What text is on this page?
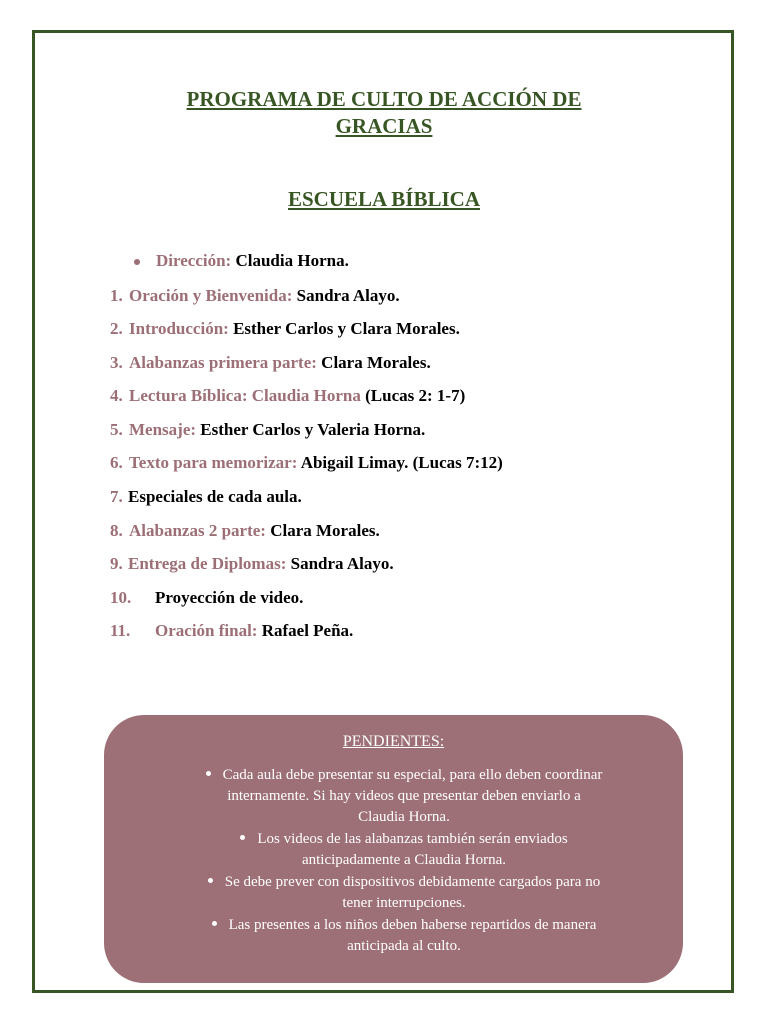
PROGRAMA DE CULTO DE ACCIÓN DE
GRACIAS
ESCUELA BÍBLICA
Dirección: Claudia Horna.
1. Oración y Bienvenida: Sandra Alayo.
2. Introducción: Esther Carlos y Clara Morales.
3. Alabanzas primera parte: Clara Morales.
4. Lectura Bíblica: Claudia Horna (Lucas 2: 1-7)
5. Mensaje: Esther Carlos y Valeria Horna.
6. Texto para memorizar: Abigail Limay. (Lucas 7:12)
7. Especiales de cada aula.
8. Alabanzas 2 parte: Clara Morales.
9. Entrega de Diplomas: Sandra Alayo.
10. Proyección de video.
11. Oración final: Rafael Peña.
PENDIENTES:
Cada aula debe presentar su especial, para ello deben coordinar
internamente. Si hay videos que presentar deben enviarlo a
Claudia Horna.
Los videos de las alabanzas también serán enviados
anticipadamente a Claudia Horna.
Se debe prever con dispositivos debidamente cargados para no
tener interrupciones.
Las presentes a los niños deben haberse repartidos de manera
anticipada al culto.
